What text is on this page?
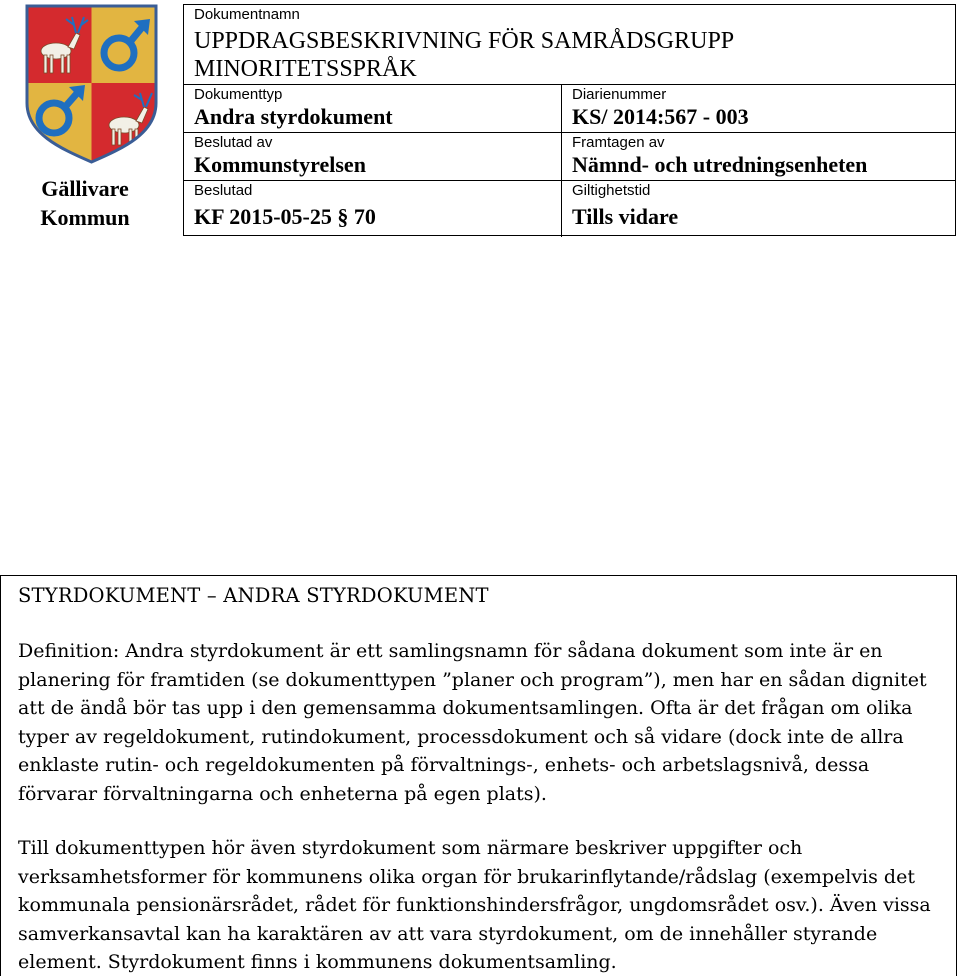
Gällivare
Kommun
Dokumentnamn
UPPDRAGSBESKRIVNING FÖR SAMRÅDSGRUPP MINORITETSSPRÅK
Dokumenttyp
Andra styrdokument
Diarienummer
KS/ 2014:567 - 003
Beslutad av
Kommunstyrelsen
Framtagen av
Nämnd- och utredningsenheten
Beslutad
KF 2015-05-25 § 70
Giltighetstid
Tills vidare
STYRDOKUMENT – ANDRA STYRDOKUMENT
Definition: Andra styrdokument är ett samlingsnamn för sådana dokument som inte är en planering för framtiden (se dokumenttypen ”planer och program”), men har en sådan dignitet att de ändå bör tas upp i den gemensamma dokumentsamlingen. Ofta är det frågan om olika typer av regeldokument, rutindokument, processdokument och så vidare (dock inte de allra enklaste rutin- och regeldokumenten på förvaltnings-, enhets- och arbetslagsnivå, dessa förvarar förvaltningarna och enheterna på egen plats).
Till dokumenttypen hör även styrdokument som närmare beskriver uppgifter och verksamhetsformer för kommunens olika organ för brukarinflytande/rådslag (exempelvis det kommunala pensionärsrådet, rådet för funktionshindersfrågor, ungdomsrådet osv.). Även vissa samverkansavtal kan ha karaktären av att vara styrdokument, om de innehåller styrande element. Styrdokument finns i kommunens dokumentsamling.
